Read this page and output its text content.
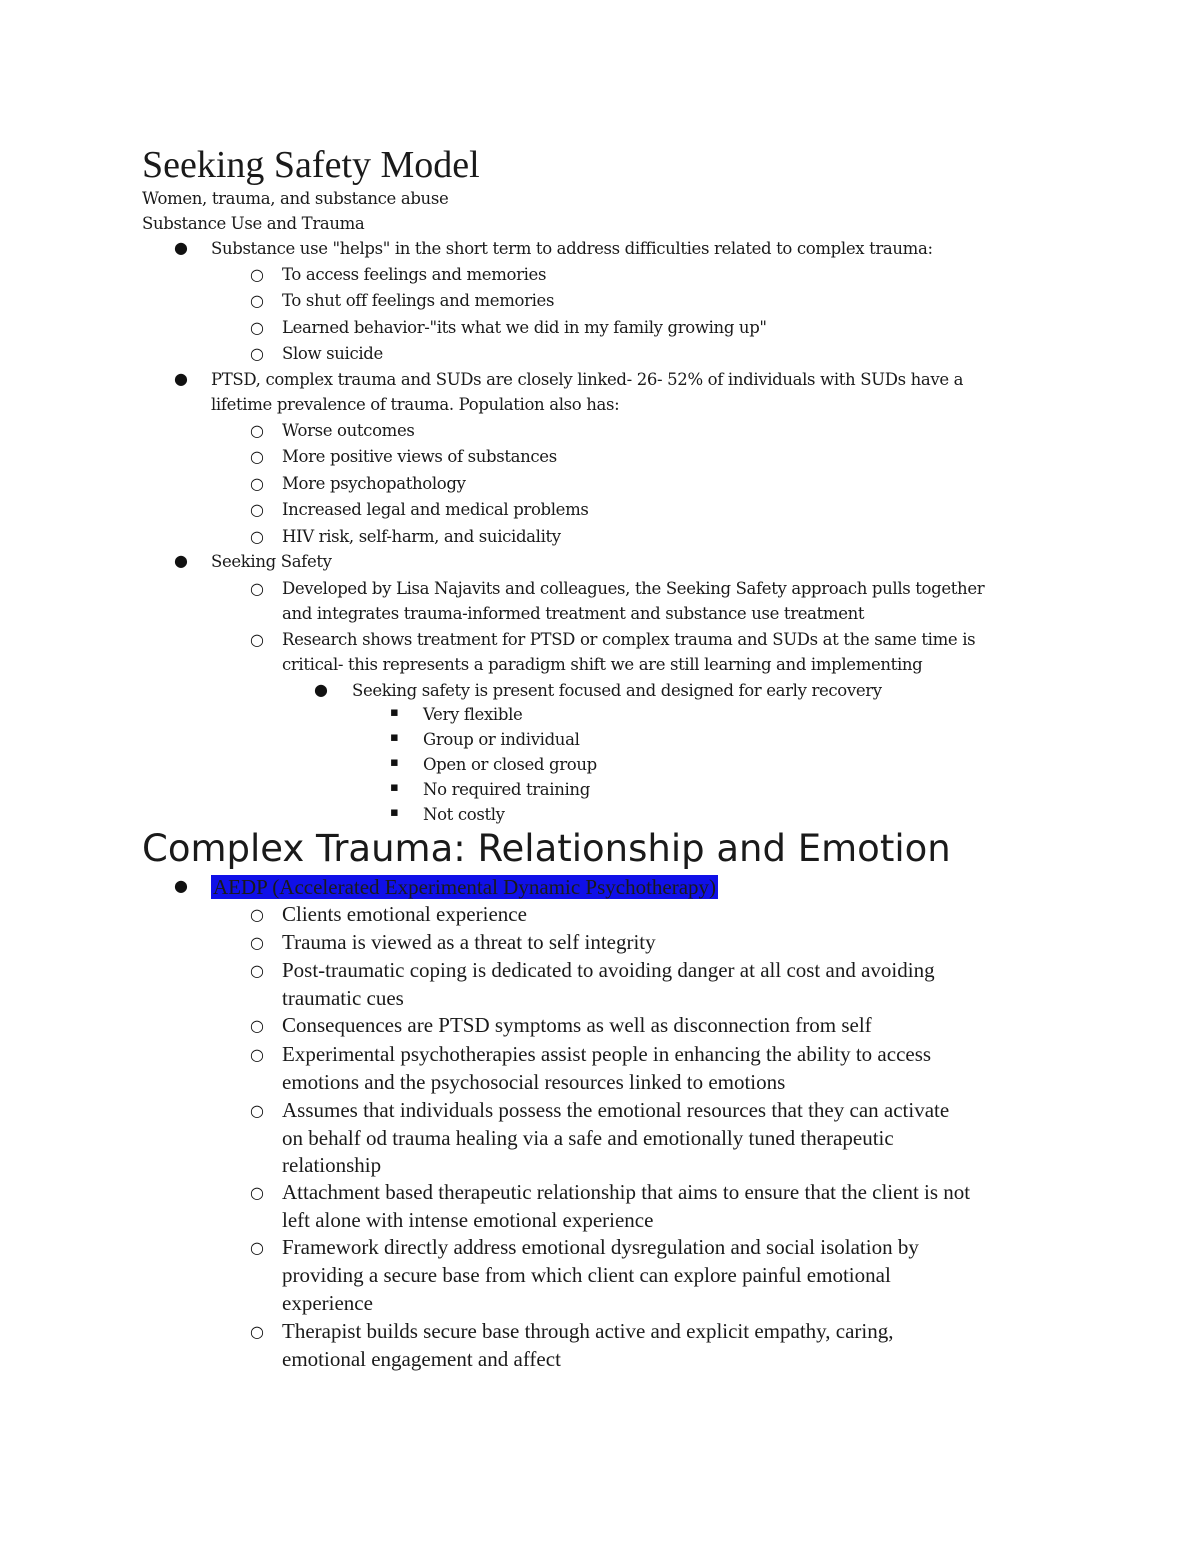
Seeking Safety Model
Women, trauma, and substance abuse
Substance Use and Trauma
● Substance use "helps" in the short term to address difficulties related to complex trauma:
○ To access feelings and memories
○ To shut off feelings and memories
○ Learned behavior-"its what we did in my family growing up"
○ Slow suicide
● PTSD, complex trauma and SUDs are closely linked- 26- 52% of individuals with SUDs have a
lifetime prevalence of trauma. Population also has:
○ Worse outcomes
○ More positive views of substances
○ More psychopathology
○ Increased legal and medical problems
○ HIV risk, self-harm, and suicidality
● Seeking Safety
○ Developed by Lisa Najavits and colleagues, the Seeking Safety approach pulls together
and integrates trauma-informed treatment and substance use treatment
○ Research shows treatment for PTSD or complex trauma and SUDs at the same time is
critical- this represents a paradigm shift we are still learning and implementing
● Seeking safety is present focused and designed for early recovery
▪ Very flexible
▪ Group or individual
▪ Open or closed group
▪ No required training
▪ Not costly
Complex Trauma: Relationship and Emotion
● AEDP (Accelerated Experimental Dynamic Psychotherapy)
○ Clients emotional experience
○ Trauma is viewed as a threat to self integrity
○ Post-traumatic coping is dedicated to avoiding danger at all cost and avoiding
traumatic cues
○ Consequences are PTSD symptoms as well as disconnection from self
○ Experimental psychotherapies assist people in enhancing the ability to access
emotions and the psychosocial resources linked to emotions
○ Assumes that individuals possess the emotional resources that they can activate
on behalf od trauma healing via a safe and emotionally tuned therapeutic
relationship
○ Attachment based therapeutic relationship that aims to ensure that the client is not
left alone with intense emotional experience
○ Framework directly address emotional dysregulation and social isolation by
providing a secure base from which client can explore painful emotional
experience
○ Therapist builds secure base through active and explicit empathy, caring,
emotional engagement and affect
